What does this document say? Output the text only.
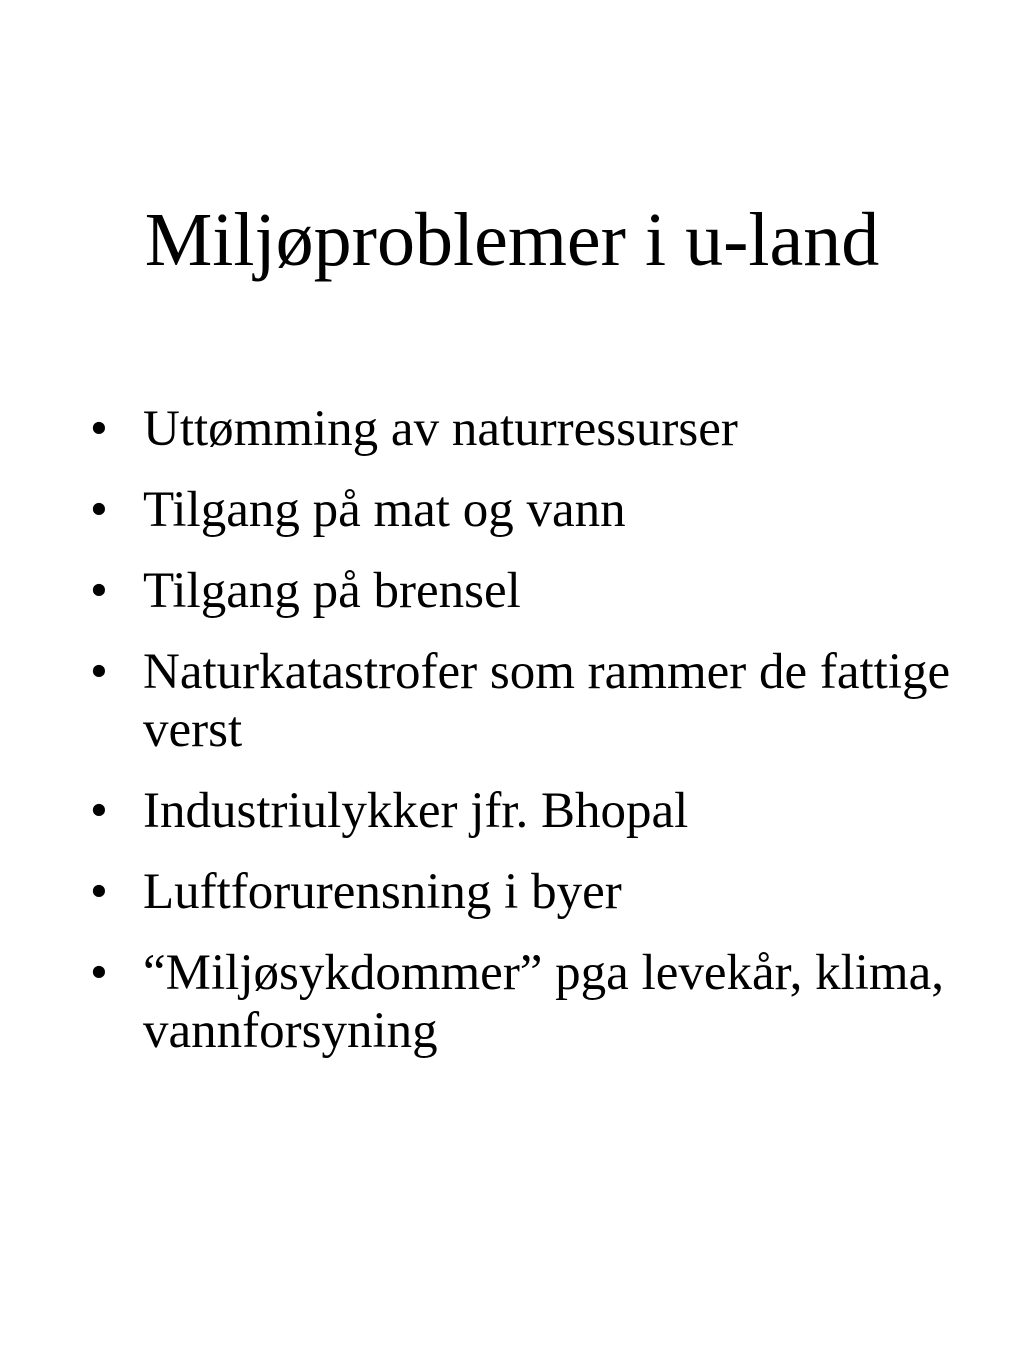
Miljøproblemer i u-land
• Uttømming av naturressurser
• Tilgang på mat og vann
• Tilgang på brensel
• Naturkatastrofer som rammer de fattige verst
• Industriulykker jfr. Bhopal
• Luftforurensning i byer
• “Miljøsykdommer” pga levekår, klima, vannforsyning
